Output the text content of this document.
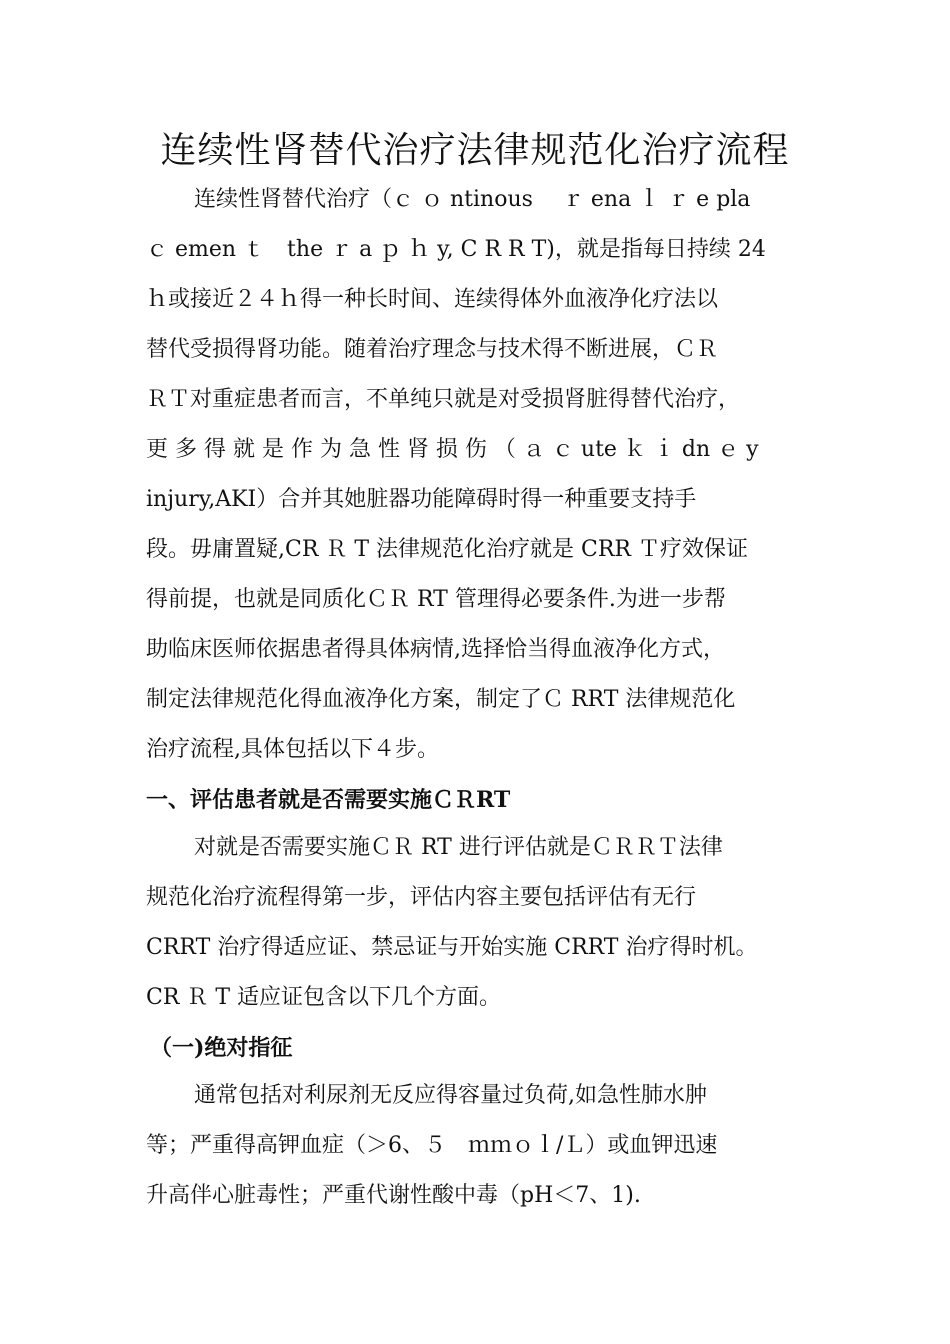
连续性肾替代治疗法律规范化治疗流程
连续性肾替代治疗（ｃ ｏ ntinous　 ｒ ena ｌ ｒ e pla
ｃ emen ｔ　the ｒ a ｐ ｈ y, C R R T)，就是指每日持续 24
ｈ或接近２４ｈ得一种长时间、连续得体外血液净化疗法以
替代受损得肾功能。随着治疗理念与技术得不断进展，ＣＲ
ＲＴ对重症患者而言，不单纯只就是对受损肾脏得替代治疗，
更 多 得 就 是 作 为 急 性 肾 损 伤 （ ａ ｃ ute ｋ ｉ dn ｅ y
injury,AKI）合并其她脏器功能障碍时得一种重要支持手
段。毋庸置疑,CR Ｒ T 法律规范化治疗就是 CRR Ｔ疗效保证
得前提，也就是同质化ＣＲ RT 管理得必要条件.为进一步帮
助临床医师依据患者得具体病情,选择恰当得血液净化方式，
制定法律规范化得血液净化方案，制定了Ｃ RRT 法律规范化
治疗流程,具体包括以下４步。
一、评估患者就是否需要实施ＣＲRT
对就是否需要实施ＣＲ RT 进行评估就是ＣＲＲＴ法律
规范化治疗流程得第一步，评估内容主要包括评估有无行
CRRT 治疗得适应证、禁忌证与开始实施 CRRT 治疗得时机。
CR Ｒ T 适应证包含以下几个方面。
（一)绝对指征
通常包括对利尿剂无反应得容量过负荷,如急性肺水肿
等；严重得高钾血症（＞6、５　ｍｍｏｌ/Ｌ）或血钾迅速
升高伴心脏毒性；严重代谢性酸中毒（pH＜7、1).
